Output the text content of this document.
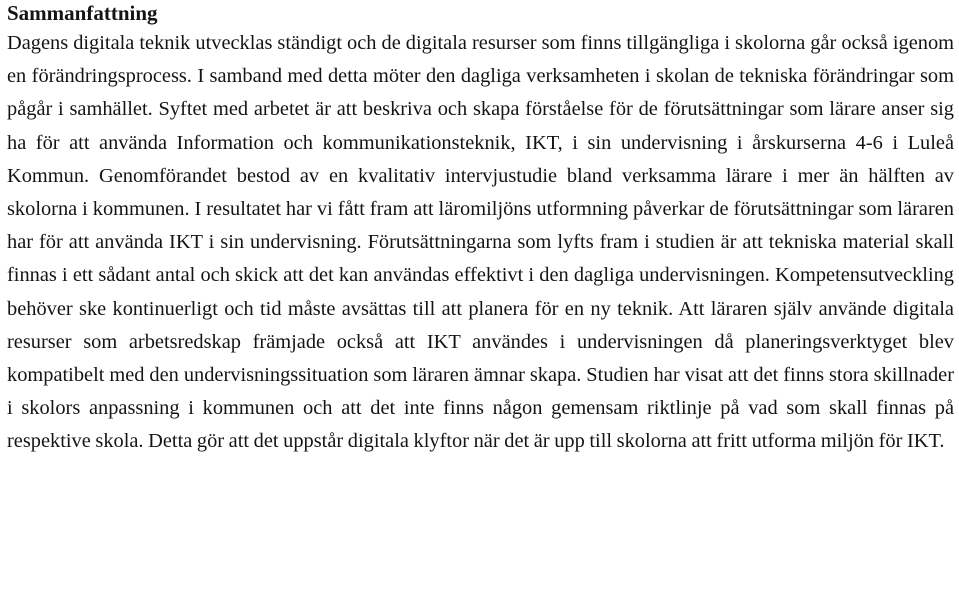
Sammanfattning

Dagens digitala teknik utvecklas ständigt och de digitala resurser som finns tillgängliga i skolorna går också igenom en förändringsprocess. I samband med detta möter den dagliga verksamheten i skolan de tekniska förändringar som pågår i samhället. Syftet med arbetet är att beskriva och skapa förståelse för de förutsättningar som lärare anser sig ha för att använda Information och kommunikationsteknik, IKT, i sin undervisning i årskurserna 4-6 i Luleå Kommun. Genomförandet bestod av en kvalitativ intervjustudie bland verksamma lärare i mer än hälften av skolorna i kommunen. I resultatet har vi fått fram att läromiljöns utformning påverkar de förutsättningar som läraren har för att använda IKT i sin undervisning. Förutsättningarna som lyfts fram i studien är att tekniska material skall finnas i ett sådant antal och skick att det kan användas effektivt i den dagliga undervisningen. Kompetensutveckling behöver ske kontinuerligt och tid måste avsättas till att planera för en ny teknik. Att läraren själv använde digitala resurser som arbetsredskap främjade också att IKT användes i undervisningen då planeringsverktyget blev kompatibelt med den undervisningssituation som läraren ämnar skapa. Studien har visat att det finns stora skillnader i skolors anpassning i kommunen och att det inte finns någon gemensam riktlinje på vad som skall finnas på respektive skola. Detta gör att det uppstår digitala klyftor när det är upp till skolorna att fritt utforma miljön för IKT.
